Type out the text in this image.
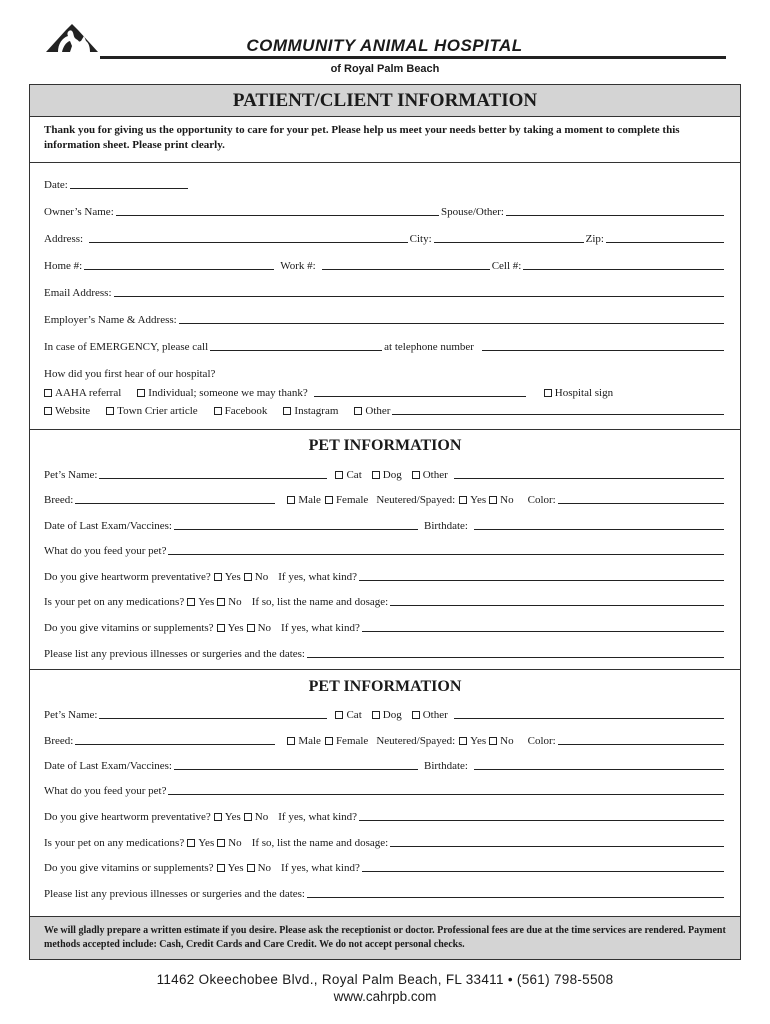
COMMUNITY ANIMAL HOSPITAL
of Royal Palm Beach
PATIENT/CLIENT INFORMATION
Thank you for giving us the opportunity to care for your pet. Please help us meet your needs better by taking a moment to complete this information sheet. Please print clearly.
Date:
Owner’s Name:	Spouse/Other:
Address:	City:	Zip:
Home #:	Work #:	Cell #:
Email Address:
Employer’s Name & Address:
In case of EMERGENCY, please call	at telephone number
How did you first hear of our hospital?
AAHA referral Individual; someone we may thank?	Hospital sign
Website Town Crier article Facebook Instagram Other
PET INFORMATION
Pet’s Name:	Cat Dog Other
Breed:	Male Female Neutered/Spayed: Yes No Color:
Date of Last Exam/Vaccines:	Birthdate:
What do you feed your pet?
Do you give heartworm preventative? Yes No If yes, what kind?
Is your pet on any medications? Yes No If so, list the name and dosage:
Do you give vitamins or supplements? Yes No If yes, what kind?
Please list any previous illnesses or surgeries and the dates:
PET INFORMATION
Pet’s Name:	Cat Dog Other
Breed:	Male Female Neutered/Spayed: Yes No Color:
Date of Last Exam/Vaccines:	Birthdate:
What do you feed your pet?
Do you give heartworm preventative? Yes No If yes, what kind?
Is your pet on any medications? Yes No If so, list the name and dosage:
Do you give vitamins or supplements? Yes No If yes, what kind?
Please list any previous illnesses or surgeries and the dates:

We will gladly prepare a written estimate if you desire. Please ask the receptionist or doctor. Professional fees are due at the time services are rendered. Payment methods accepted include: Cash, Credit Cards and Care Credit. We do not accept personal checks.

11462 Okeechobee Blvd., Royal Palm Beach, FL 33411 • (561) 798-5508
www.cahrpb.com
